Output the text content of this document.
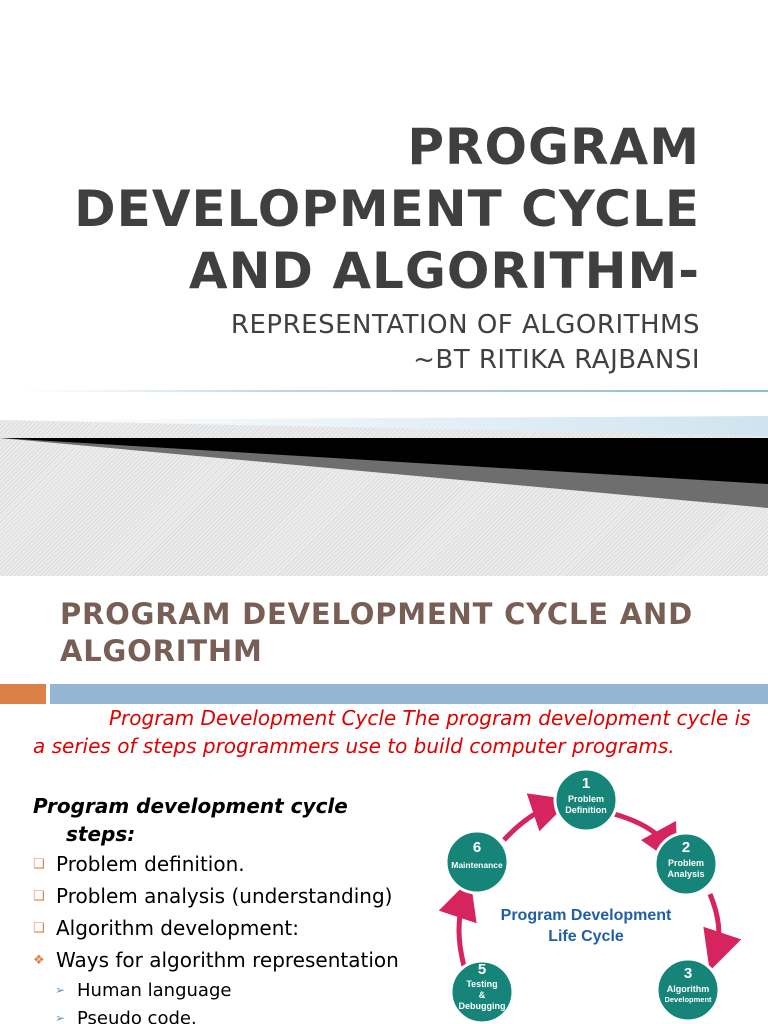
PROGRAM
DEVELOPMENT CYCLE
AND ALGORITHM-
REPRESENTATION OF ALGORITHMS
~BT RITIKA RAJBANSI
PROGRAM DEVELOPMENT CYCLE AND
ALGORITHM
Program Development Cycle The program development cycle is a series of steps programmers use to build computer programs.
Program development cycle
steps:
❑ Problem definition.
❑ Problem analysis (understanding)
❑ Algorithm development:
❖ Ways for algorithm representation
➢ Human language
➢ Pseudo code.
Program Development
Life Cycle
1
Problem
Definition
2
Problem
Analysis
3
Algorithm
Development
5
Testing
&
Debugging
6
Maintenance
